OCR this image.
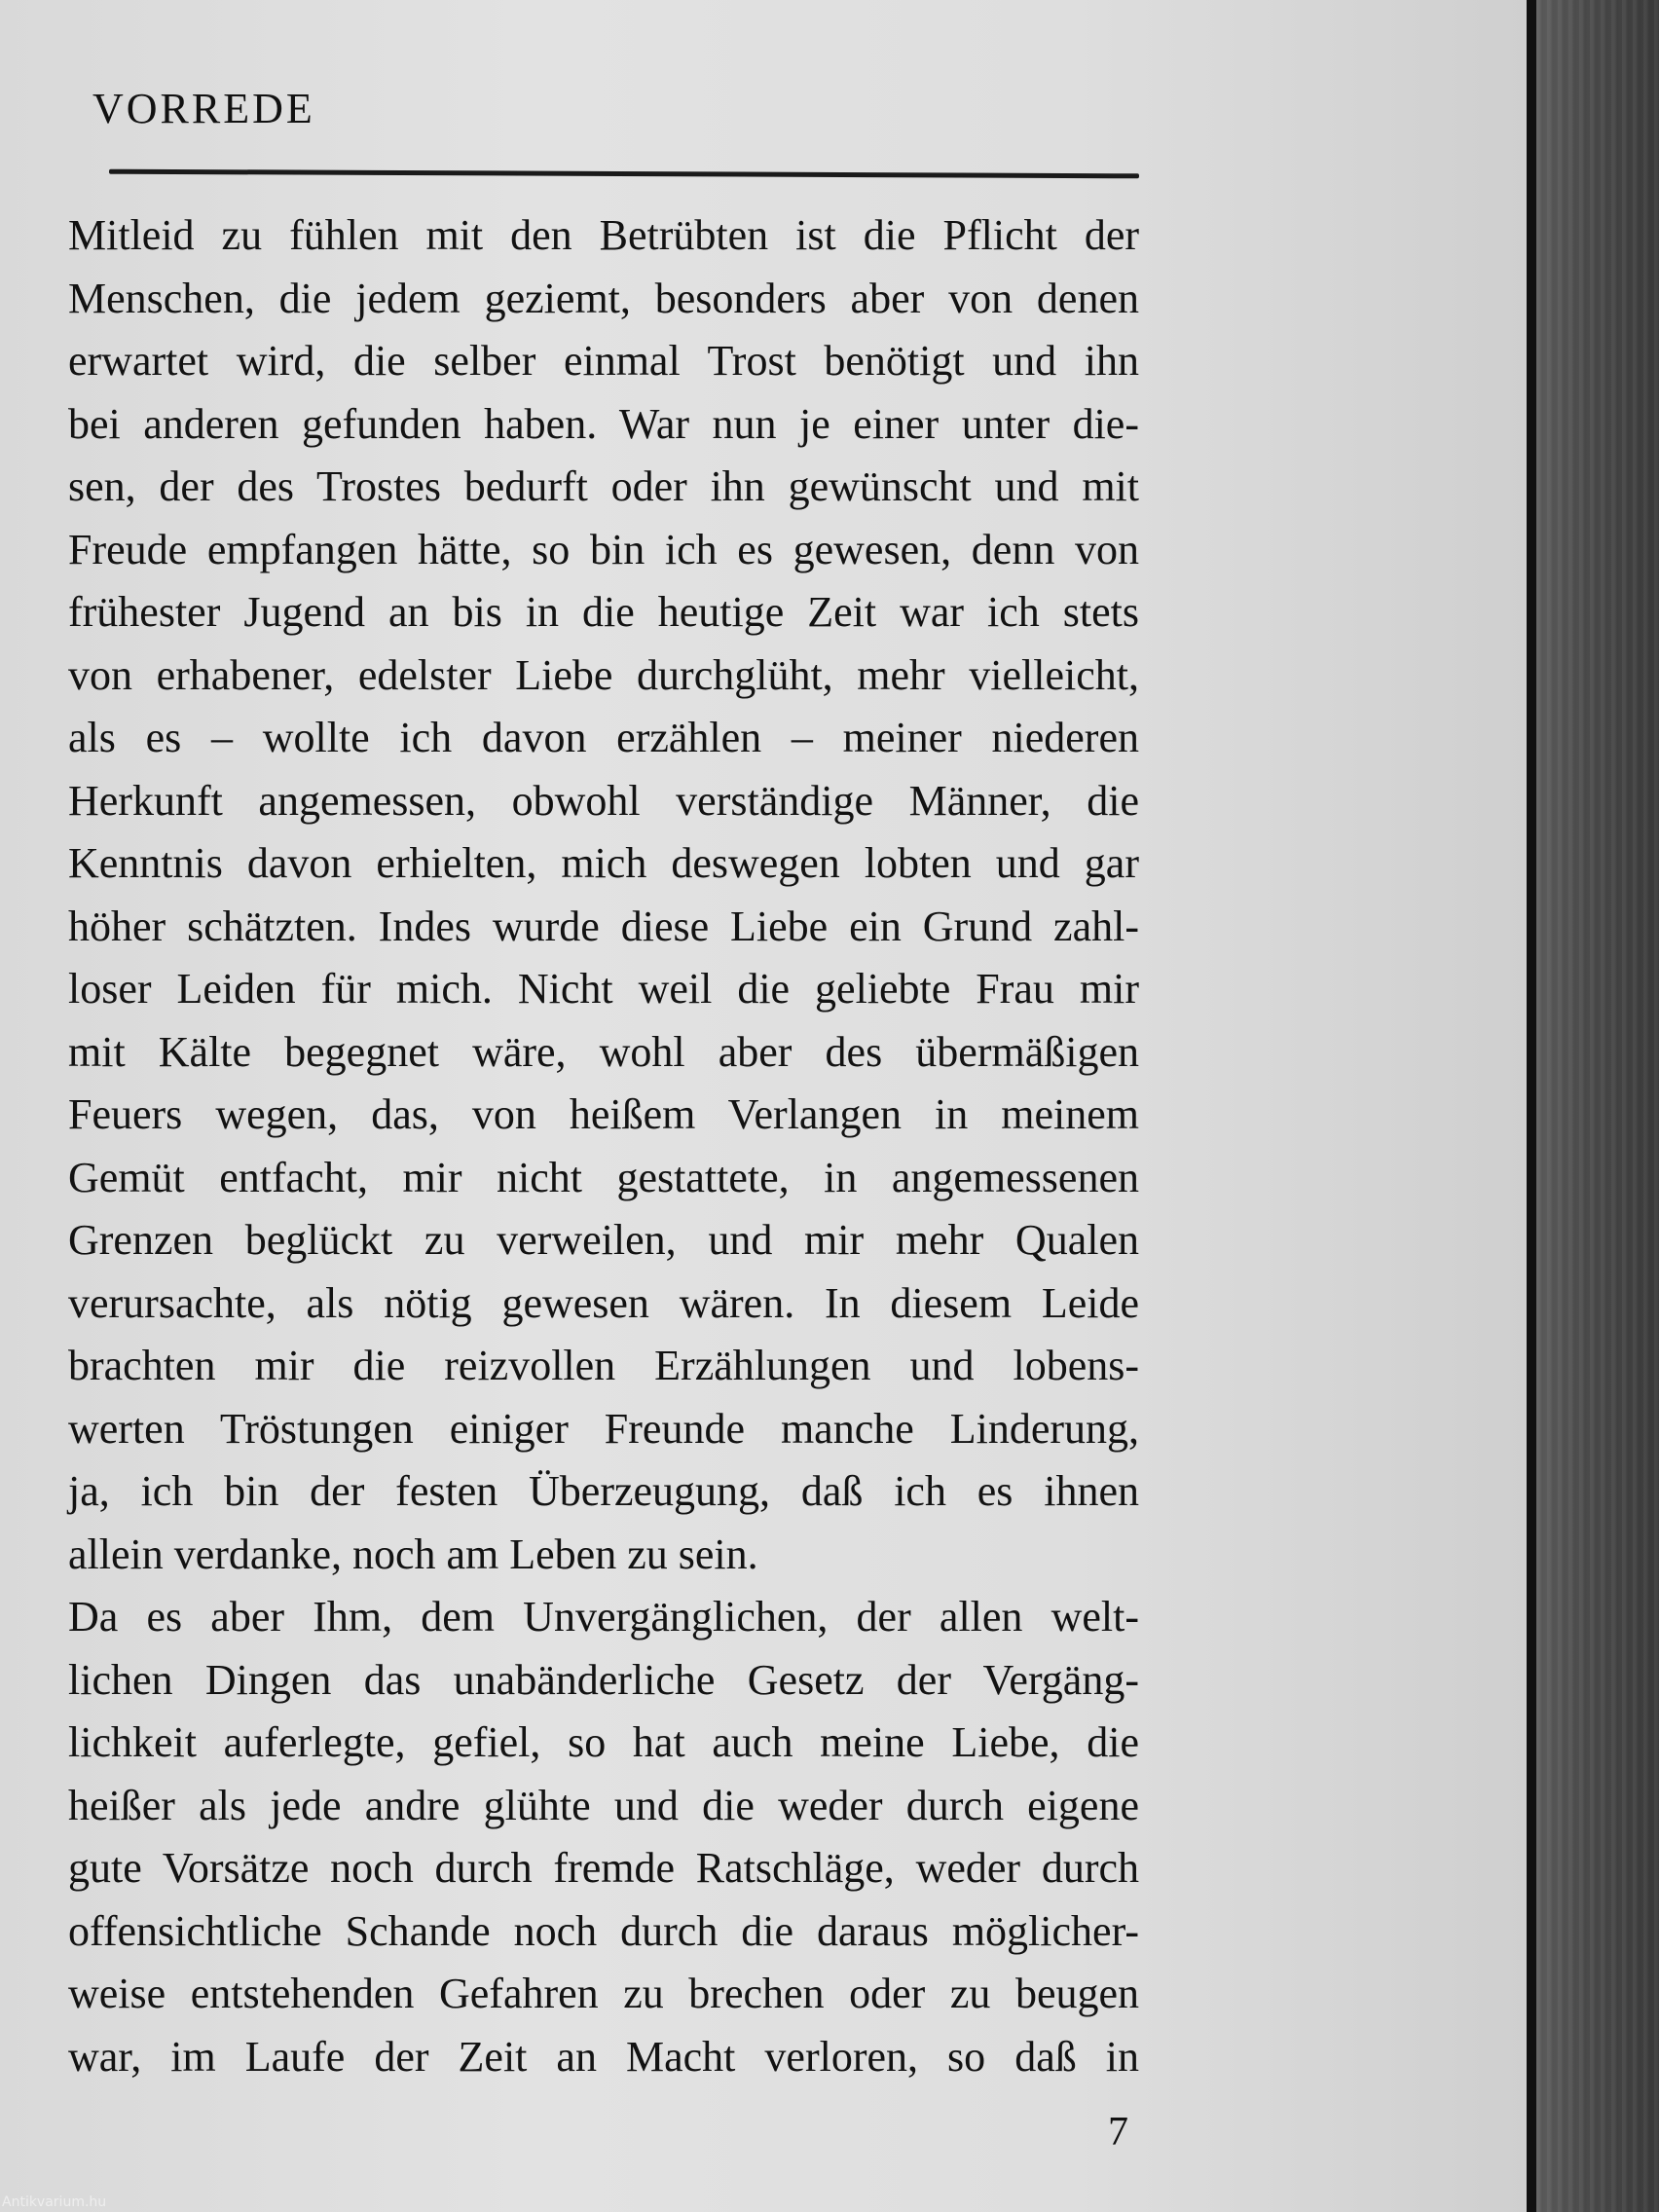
VORREDE
Mitleid zu fühlen mit den Betrübten ist die Pflicht der
Menschen, die jedem geziemt, besonders aber von denen
erwartet wird, die selber einmal Trost benötigt und ihn
bei anderen gefunden haben. War nun je einer unter die-
sen, der des Trostes bedurft oder ihn gewünscht und mit
Freude empfangen hätte, so bin ich es gewesen, denn von
frühester Jugend an bis in die heutige Zeit war ich stets
von erhabener, edelster Liebe durchglüht, mehr vielleicht,
als es – wollte ich davon erzählen – meiner niederen
Herkunft angemessen, obwohl verständige Männer, die
Kenntnis davon erhielten, mich deswegen lobten und gar
höher schätzten. Indes wurde diese Liebe ein Grund zahl-
loser Leiden für mich. Nicht weil die geliebte Frau mir
mit Kälte begegnet wäre, wohl aber des übermäßigen
Feuers wegen, das, von heißem Verlangen in meinem
Gemüt entfacht, mir nicht gestattete, in angemessenen
Grenzen beglückt zu verweilen, und mir mehr Qualen
verursachte, als nötig gewesen wären. In diesem Leide
brachten mir die reizvollen Erzählungen und lobens-
werten Tröstungen einiger Freunde manche Linderung,
ja, ich bin der festen Überzeugung, daß ich es ihnen
allein verdanke, noch am Leben zu sein.
Da es aber Ihm, dem Unvergänglichen, der allen welt-
lichen Dingen das unabänderliche Gesetz der Vergäng-
lichkeit auferlegte, gefiel, so hat auch meine Liebe, die
heißer als jede andre glühte und die weder durch eigene
gute Vorsätze noch durch fremde Ratschläge, weder durch
offensichtliche Schande noch durch die daraus möglicher-
weise entstehenden Gefahren zu brechen oder zu beugen
war, im Laufe der Zeit an Macht verloren, so daß in
7
Antikvarium.hu
